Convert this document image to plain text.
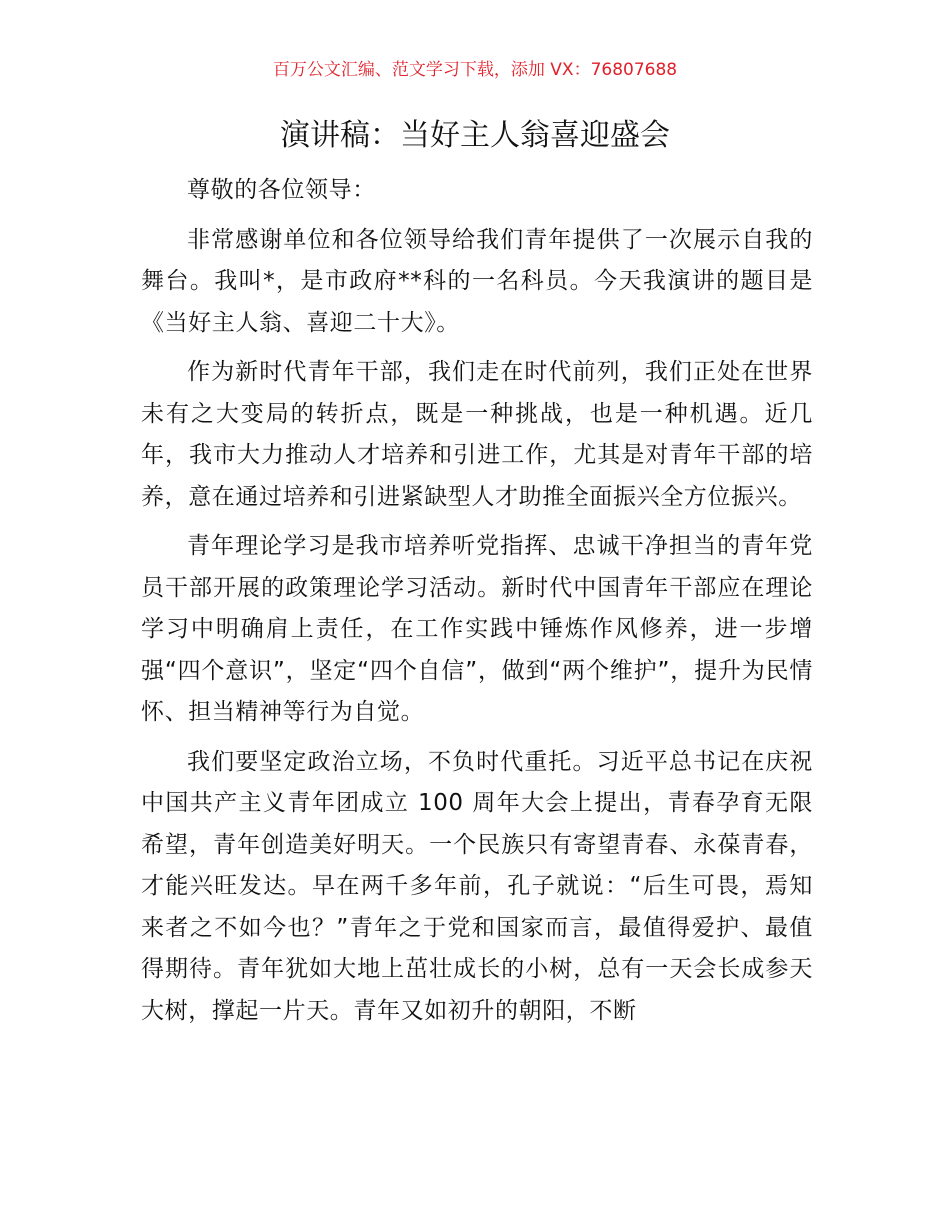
百万公文汇编、范文学习下载，添加 VX：76807688
演讲稿：当好主人翁喜迎盛会

尊敬的各位领导：

非常感谢单位和各位领导给我们青年提供了一次展示自我的舞台。我叫*，是市政府**科的一名科员。今天我演讲的题目是《当好主人翁、喜迎二十大》。

作为新时代青年干部，我们走在时代前列，我们正处在世界未有之大变局的转折点，既是一种挑战，也是一种机遇。近几年，我市大力推动人才培养和引进工作，尤其是对青年干部的培养，意在通过培养和引进紧缺型人才助推全面振兴全方位振兴。

青年理论学习是我市培养听党指挥、忠诚干净担当的青年党员干部开展的政策理论学习活动。新时代中国青年干部应在理论学习中明确肩上责任，在工作实践中锤炼作风修养，进一步增强“四个意识”，坚定“四个自信”，做到“两个维护”，提升为民情怀、担当精神等行为自觉。

我们要坚定政治立场，不负时代重托。习近平总书记在庆祝中国共产主义青年团成立 100 周年大会上提出，青春孕育无限希望，青年创造美好明天。一个民族只有寄望青春、永葆青春，才能兴旺发达。早在两千多年前，孔子就说：“后生可畏，焉知来者之不如今也？”青年之于党和国家而言，最值得爱护、最值得期待。青年犹如大地上茁壮成长的小树，总有一天会长成参天大树，撑起一片天。青年又如初升的朝阳，不断
